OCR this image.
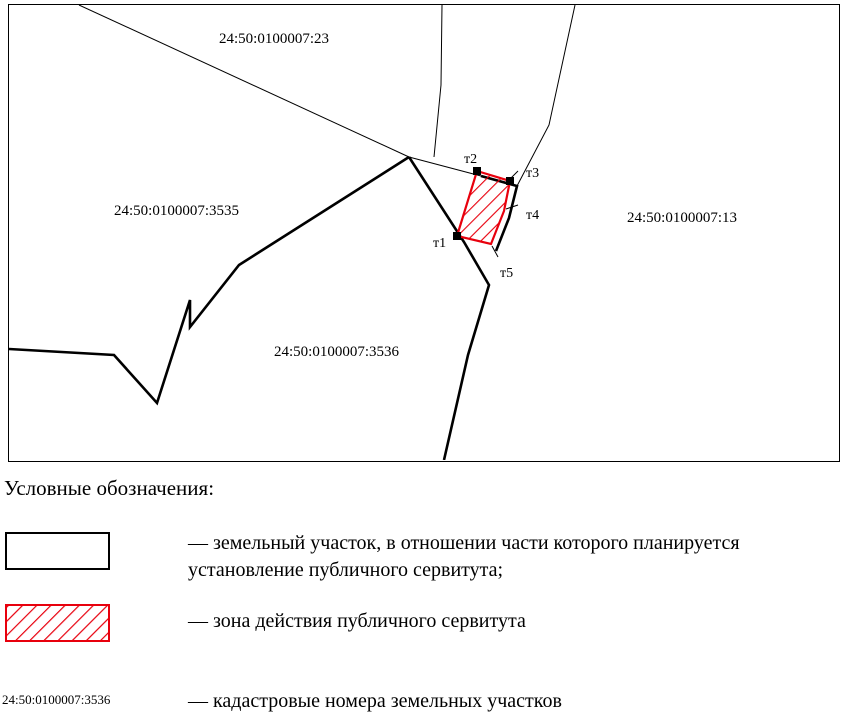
24:50:0100007:23
24:50:0100007:3535	24:50:0100007:13
24:50:0100007:3536
т1
т2
т3
т4
т5
Условные обозначения:
— земельный участок, в отношении части которого планируется установление публичного сервитута;
— зона действия публичного сервитута
24:50:0100007:3536	— кадастровые номера земельных участков
